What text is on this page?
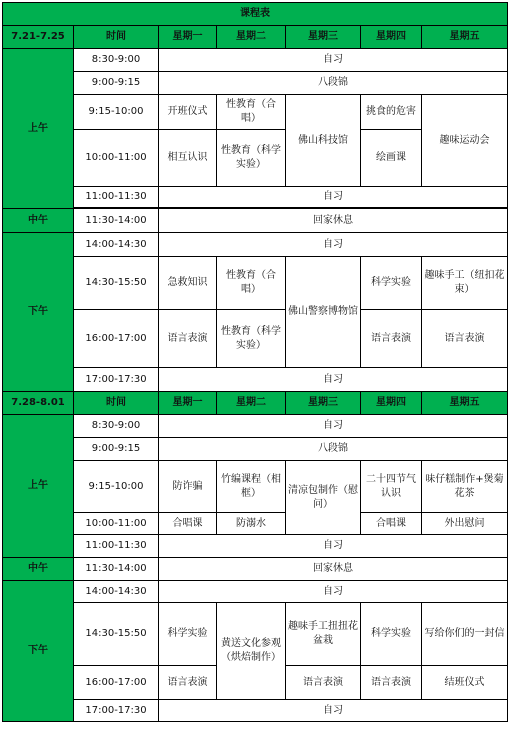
课程表						
7.21-7.25	时间	星期一	星期二	星期三	星期四	星期五
上午	8:30-9:00	自习				
	9:00-9:15	八段锦				
	9:15-10:00	开班仪式	性教育（合唱）	佛山科技馆	挑食的危害	趣味运动会
	10:00-11:00	相互认识	性教育（科学实验）		绘画课	
	11:00-11:30	自习				

中午	11:30-14:00	回家休息				
下午	14:00-14:30	自习				
	14:30-15:50	急救知识	性教育（合唱）	佛山警察博物馆	科学实验	趣味手工（纽扣花束）
	16:00-17:00	语言表演	性教育（科学实验）		语言表演	语言表演
	17:00-17:30	自习				
7.28-8.01	时间	星期一	星期二	星期三	星期四	星期五
上午	8:30-9:00	自习				
	9:00-9:15	八段锦				
	9:15-10:00	防诈骗	竹编课程（相框）	清凉包制作（慰问）	二十四节气认识	味仔糕制作+煲菊花茶
	10:00-11:00	合唱课	防溺水		合唱课	外出慰问
	11:00-11:30	自习				
中午	11:30-14:00	回家休息				
下午	14:00-14:30	自习				
	14:30-15:50	科学实验	黄送文化参观（烘焙制作）	趣味手工扭扭花盆栽	科学实验	写给你们的一封信
	16:00-17:00	语言表演		语言表演	语言表演	结班仪式
	17:00-17:30	自习				
